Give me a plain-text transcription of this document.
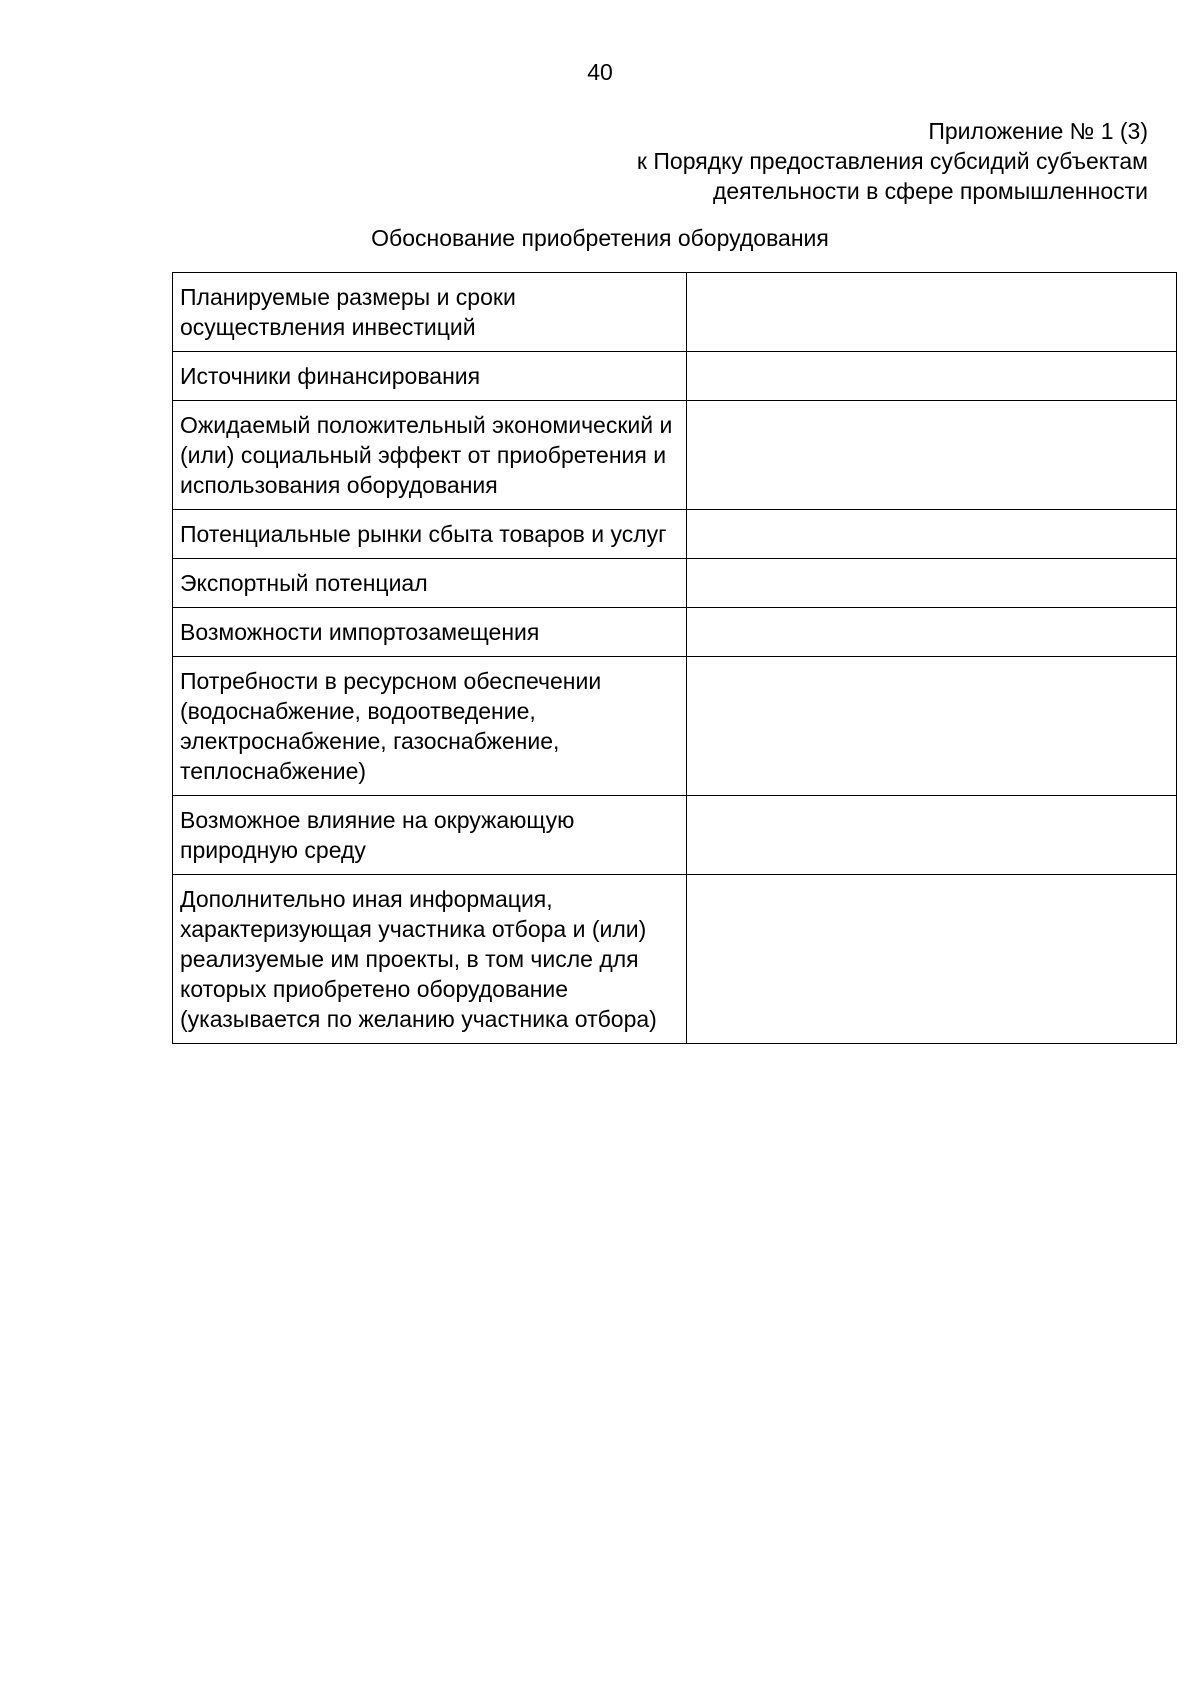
40
Приложение № 1 (3)
к Порядку предоставления субсидий субъектам
деятельности в сфере промышленности
Обоснование приобретения оборудования
Планируемые размеры и сроки осуществления инвестиций	
Источники финансирования	
Ожидаемый положительный экономический и (или) социальный эффект от приобретения и использования оборудования	
Потенциальные рынки сбыта товаров и услуг	
Экспортный потенциал	
Возможности импортозамещения	
Потребности в ресурсном обеспечении (водоснабжение, водоотведение, электроснабжение, газоснабжение, теплоснабжение)	
Возможное влияние на окружающую природную среду	
Дополнительно иная информация, характеризующая участника отбора и (или) реализуемые им проекты, в том числе для которых приобретено оборудование (указывается по желанию участника отбора)	
